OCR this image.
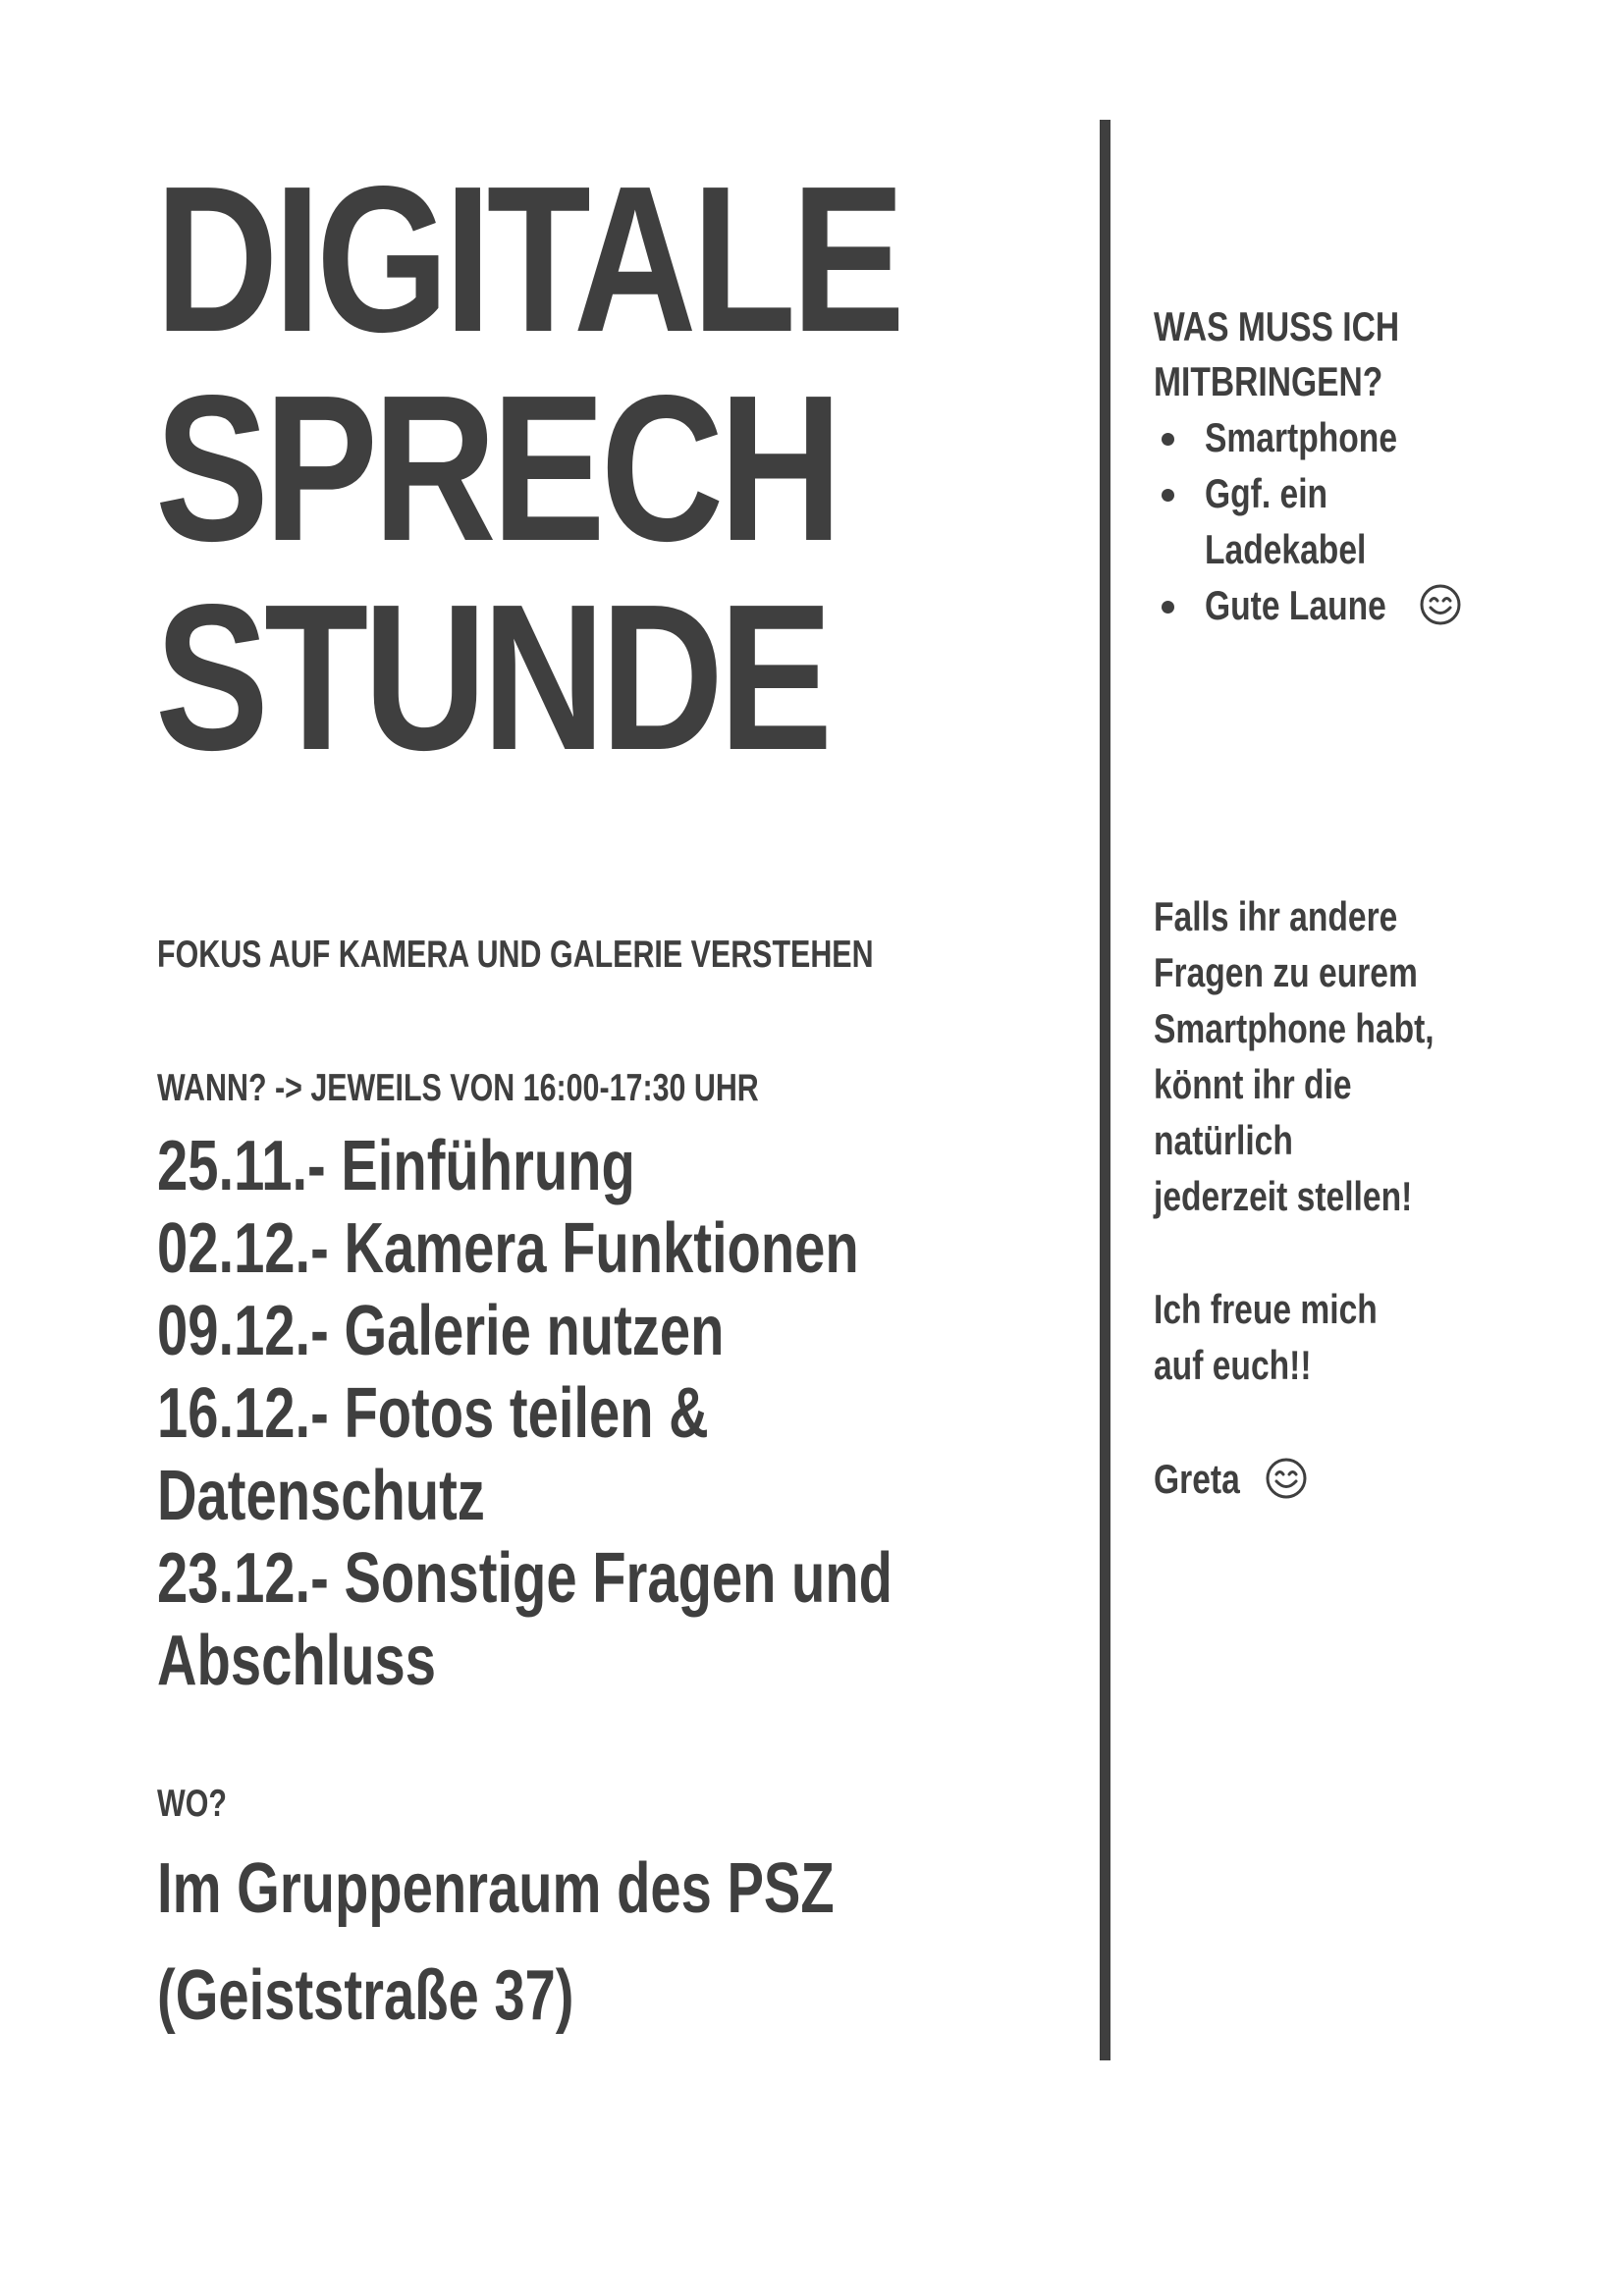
DIGITALE
SPRECH
STUNDE
FOKUS AUF KAMERA UND GALERIE VERSTEHEN
WANN? -> JEWEILS VON 16:00-17:30 UHR
25.11.- Einführung
02.12.- Kamera Funktionen
09.12.- Galerie nutzen
16.12.- Fotos teilen &
Datenschutz
23.12.- Sonstige Fragen und
Abschluss
WO?
Im Gruppenraum des PSZ
(Geiststraße 37)
WAS MUSS ICH
MITBRINGEN?
Smartphone
Ggf. ein
Ladekabel
Gute Laune
Falls ihr andere
Fragen zu eurem
Smartphone habt,
könnt ihr die
natürlich
jederzeit stellen!
Ich freue mich
auf euch!!
Greta
